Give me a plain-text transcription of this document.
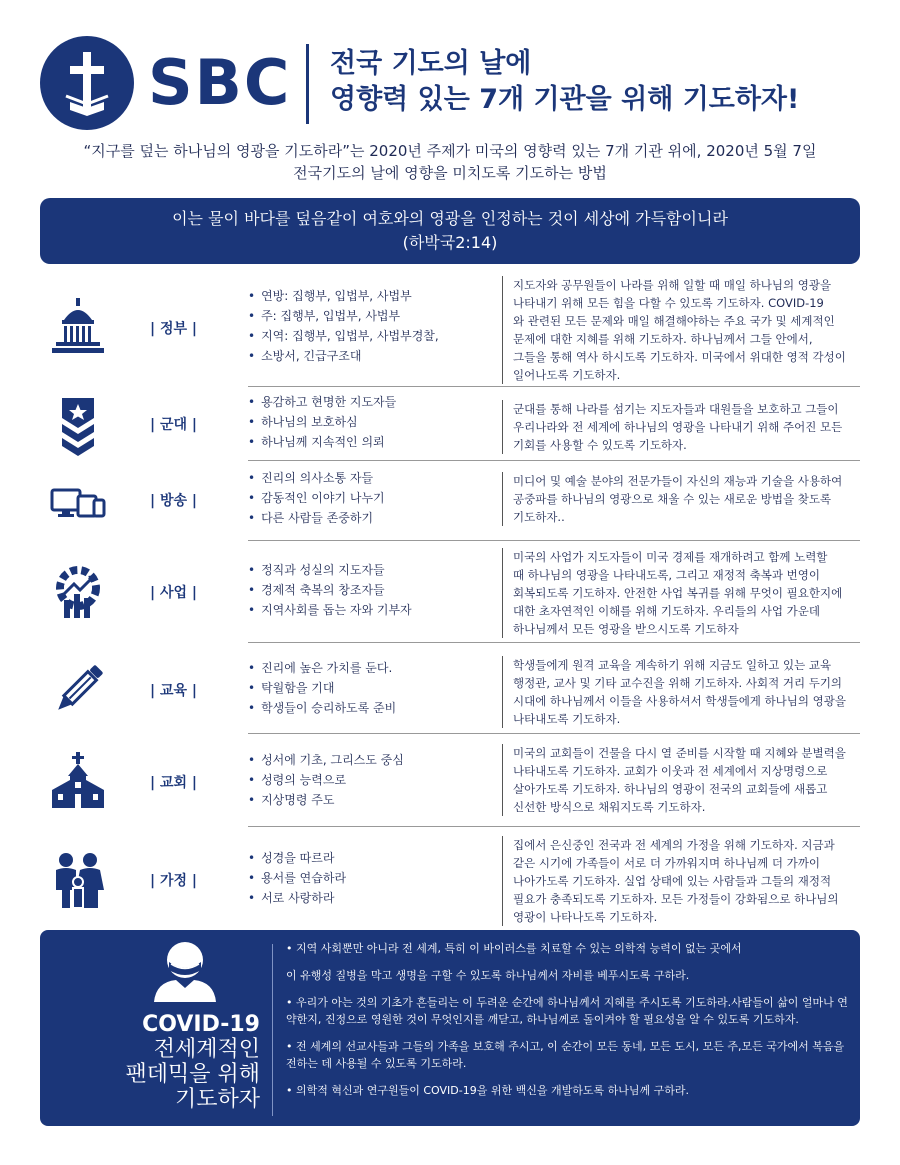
SBC 전국 기도의 날에
영향력 있는 7개 기관을 위해 기도하자!
“지구를 덮는 하나님의 영광을 기도하라”는 2020년 주제가 미국의 영향력 있는 7개 기관 위에, 2020년 5월 7일
전국기도의 날에 영향을 미치도록 기도하는 방법
이는 물이 바다를 덮음같이 여호와의 영광을 인정하는 것이 세상에 가득함이니라
(하박국2:14)
| 정부 |
• 연방: 집행부, 입법부, 사법부
• 주: 집행부, 입법부, 사법부
• 지역: 집행부, 입법부, 사법부경찰,
• 소방서, 긴급구조대
지도자와 공무원들이 나라를 위해 일할 때 매일 하나님의 영광을
나타내기 위해 모든 힘을 다할 수 있도록 기도하자. COVID-19
와 관련된 모든 문제와 매일 해결해야하는 주요 국가 및 세계적인
문제에 대한 지혜를 위해 기도하자. 하나님께서 그들 안에서,
그들을 통해 역사 하시도록 기도하자. 미국에서 위대한 영적 각성이
일어나도록 기도하자.
| 군대 |
• 용감하고 현명한 지도자들
• 하나님의 보호하심
• 하나님께 지속적인 의뢰
군대를 통해 나라를 섬기는 지도자들과 대원들을 보호하고 그들이
우리나라와 전 세계에 하나님의 영광을 나타내기 위해 주어진 모든
기회를 사용할 수 있도록 기도하자.
| 방송 |
• 진리의 의사소통 자들
• 감동적인 이야기 나누기
• 다른 사람들 존중하기
미디어 및 예술 분야의 전문가들이 자신의 재능과 기술을 사용하여
공중파를 하나님의 영광으로 채울 수 있는 새로운 방법을 찾도록
기도하자..
| 사업 |
• 정직과 성실의 지도자들
• 경제적 축복의 창조자들
• 지역사회를 돕는 자와 기부자
미국의 사업가 지도자들이 미국 경제를 재개하려고 함께 노력할
때 하나님의 영광을 나타내도록, 그리고 재정적 축복과 번영이
회복되도록 기도하자. 안전한 사업 복귀를 위해 무엇이 필요한지에
대한 초자연적인 이해를 위해 기도하자. 우리들의 사업 가운데
하나님께서 모든 영광을 받으시도록 기도하자
| 교육 |
• 진리에 높은 가치를 둔다.
• 탁월함을 기대
• 학생들이 승리하도록 준비
학생들에게 원격 교육을 계속하기 위해 지금도 일하고 있는 교육
행정관, 교사 및 기타 교수진을 위해 기도하자. 사회적 거리 두기의
시대에 하나님께서 이들을 사용하셔서 학생들에게 하나님의 영광을
나타내도록 기도하자.
| 교회 |
• 성서에 기초, 그리스도 중심
• 성령의 능력으로
• 지상명령 주도
미국의 교회들이 건물을 다시 열 준비를 시작할 때 지혜와 분별력을
나타내도록 기도하자. 교회가 이웃과 전 세계에서 지상명령으로
살아가도록 기도하자. 하나님의 영광이 전국의 교회들에 새롭고
신선한 방식으로 채워지도록 기도하자.
| 가정 |
• 성경을 따르라
• 용서를 연습하라
• 서로 사랑하라
집에서 은신중인 전국과 전 세계의 가정을 위해 기도하자. 지금과
같은 시기에 가족들이 서로 더 가까워지며 하나님께 더 가까이
나아가도록 기도하자. 실업 상태에 있는 사람들과 그들의 재정적
필요가 충족되도록 기도하자. 모든 가정들이 강화됨으로 하나님의
영광이 나타나도록 기도하자.
COVID-19
전세계적인
팬데믹을 위해
기도하자

• 지역 사회뿐만 아니라 전 세계, 특히 이 바이러스를 치료할 수 있는 의학적 능력이 없는 곳에서

이 유행성 질병을 막고 생명을 구할 수 있도록 하나님께서 자비를 베푸시도록 구하라.

• 우리가 아는 것의 기초가 흔들리는 이 두려운 순간에 하나님께서 지혜를 주시도록 기도하라.사람들이 삶이 얼마나 연약한지, 진정으로 영원한 것이 무엇인지를 깨닫고, 하나님께로 돌이켜야 할 필요성을 알 수 있도록 기도하자.

• 전 세계의 선교사들과 그들의 가족을 보호해 주시고, 이 순간이 모든 동네, 모든 도시, 모든 주,모든 국가에서 복음을 전하는 데 사용될 수 있도록 기도하라.

• 의학적 혁신과 연구원들이 COVID-19을 위한 백신을 개발하도록 하나님께 구하라.
